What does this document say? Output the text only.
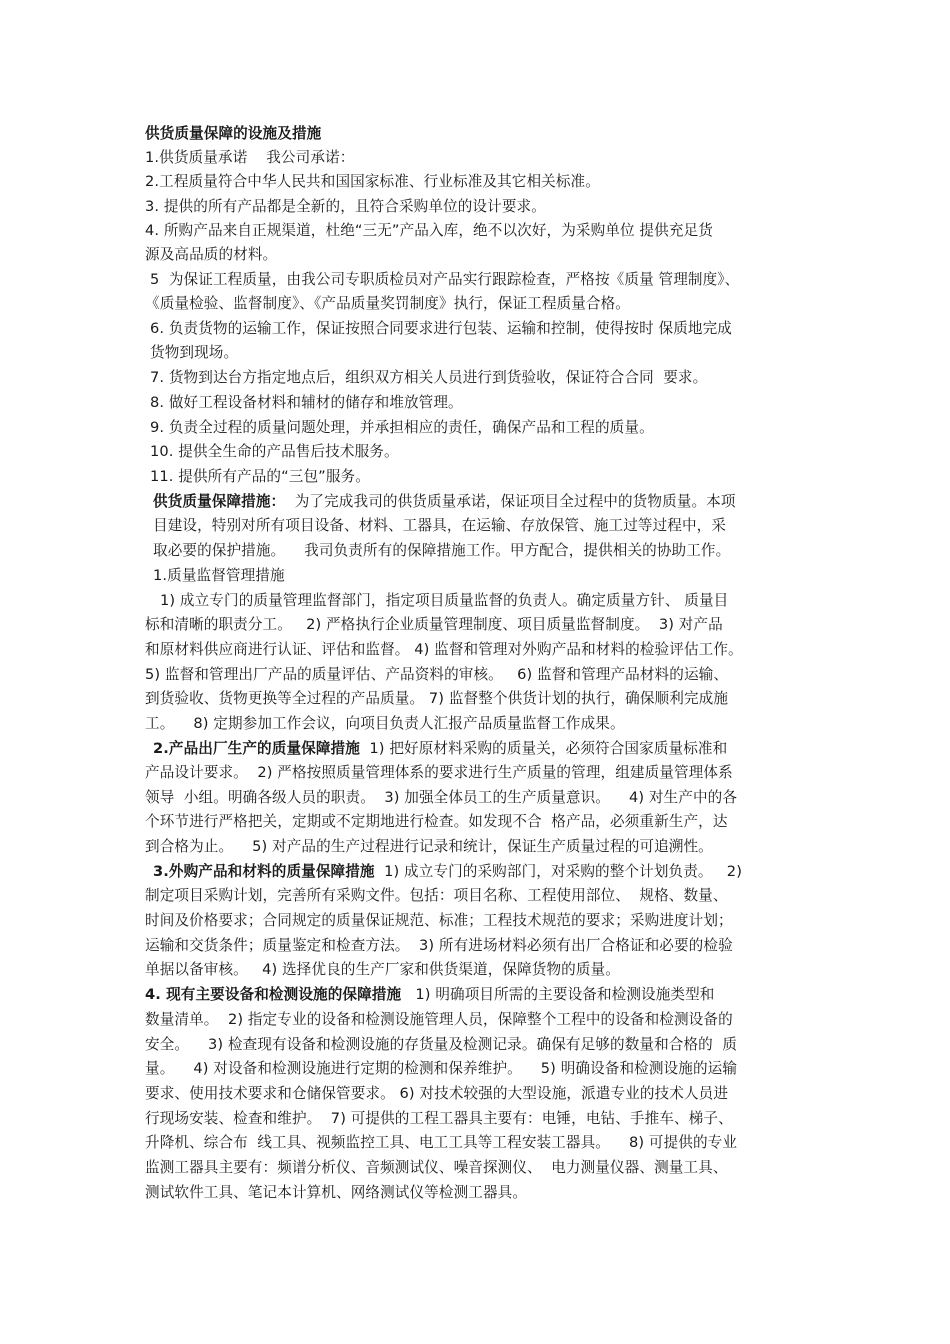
供货质量保障的设施及措施
1.供货质量承诺    我公司承诺：
2.工程质量符合中华人民共和国国家标准、行业标准及其它相关标准。
3. 提供的所有产品都是全新的，且符合采购单位的设计要求。
4. 所购产品来自正规渠道，杜绝“三无”产品入库，绝不以次好，为采购单位 提供充足货
源及高品质的材料。
5  为保证工程质量，由我公司专职质检员对产品实行跟踪检查，严格按《质量 管理制度》、
《质量检验、监督制度》、《产品质量奖罚制度》执行，保证工程质量合格。
6. 负责货物的运输工作，保证按照合同要求进行包装、运输和控制，使得按时 保质地完成
货物到现场。
7. 货物到达台方指定地点后，组织双方相关人员进行到货验收，保证符合合同  要求。
8. 做好工程设备材料和辅材的储存和堆放管理。
9. 负责全过程的质量问题处理，并承担相应的责任，确保产品和工程的质量。
10. 提供全生命的产品售后技术服务。
11. 提供所有产品的“三包”服务。
供货质量保障措施：  为了完成我司的供货质量承诺，保证项目全过程中的货物质量。本项
目建设，特别对所有项目设备、材料、工器具，在运输、存放保管、施工过等过程中，采
取必要的保护措施。    我司负责所有的保障措施工作。甲方配合，提供相关的协助工作。
1.质量监督管理措施
1) 成立专门的质量管理监督部门，指定项目质量监督的负责人。确定质量方针、 质量目
标和清晰的职责分工。   2) 严格执行企业质量管理制度、项目质量监督制度。  3) 对产品
和原材料供应商进行认证、评估和监督。 4) 监督和管理对外购产品和材料的检验评估工作。
5) 监督和管理出厂产品的质量评估、产品资料的审核。   6) 监督和管理产品材料的运输、
到货验收、货物更换等全过程的产品质量。 7) 监督整个供货计划的执行，确保顺利完成施
工。    8) 定期参加工作会议，向项目负责人汇报产品质量监督工作成果。
2.产品出厂生产的质量保障措施  1) 把好原材料采购的质量关，必须符合国家质量标准和
产品设计要求。  2) 严格按照质量管理体系的要求进行生产质量的管理，组建质量管理体系
领导  小组。明确各级人员的职责。  3) 加强全体员工的生产质量意识。    4) 对生产中的各
个环节进行严格把关，定期或不定期地进行检查。如发现不合  格产品，必须重新生产，达
到合格为止。    5) 对产品的生产过程进行记录和统计，保证生产质量过程的可追溯性。
3.外购产品和材料的质量保障措施  1) 成立专门的采购部门，对采购的整个计划负责。   2)
制定项目采购计划，完善所有采购文件。包括：项目名称、工程使用部位、  规格、数量、
时间及价格要求；合同规定的质量保证规范、标准；工程技术规范的要求；采购进度计划；
运输和交货条件；质量鉴定和检查方法。  3) 所有进场材料必须有出厂合格证和必要的检验
单据以备审核。   4) 选择优良的生产厂家和供货渠道，保障货物的质量。
4. 现有主要设备和检测设施的保障措施   1) 明确项目所需的主要设备和检测设施类型和
数量清单。  2) 指定专业的设备和检测设施管理人员，保障整个工程中的设备和检测设备的
安全。    3) 检查现有设备和检测设施的存货量及检测记录。确保有足够的数量和合格的  质
量。    4) 对设备和检测设施进行定期的检测和保养维护。    5) 明确设备和检测设施的运输
要求、使用技术要求和仓储保管要求。 6) 对技术较强的大型设施，派遣专业的技术人员进
行现场安装、检查和维护。  7) 可提供的工程工器具主要有：电锤，电钻、手推车、梯子、
升降机、综合布  线工具、视频监控工具、电工工具等工程安装工器具。    8) 可提供的专业
监测工器具主要有：频谱分析仪、音频测试仪、噪音探测仪、  电力测量仪器、测量工具、
测试软件工具、笔记本计算机、网络测试仪等检测工器具。
